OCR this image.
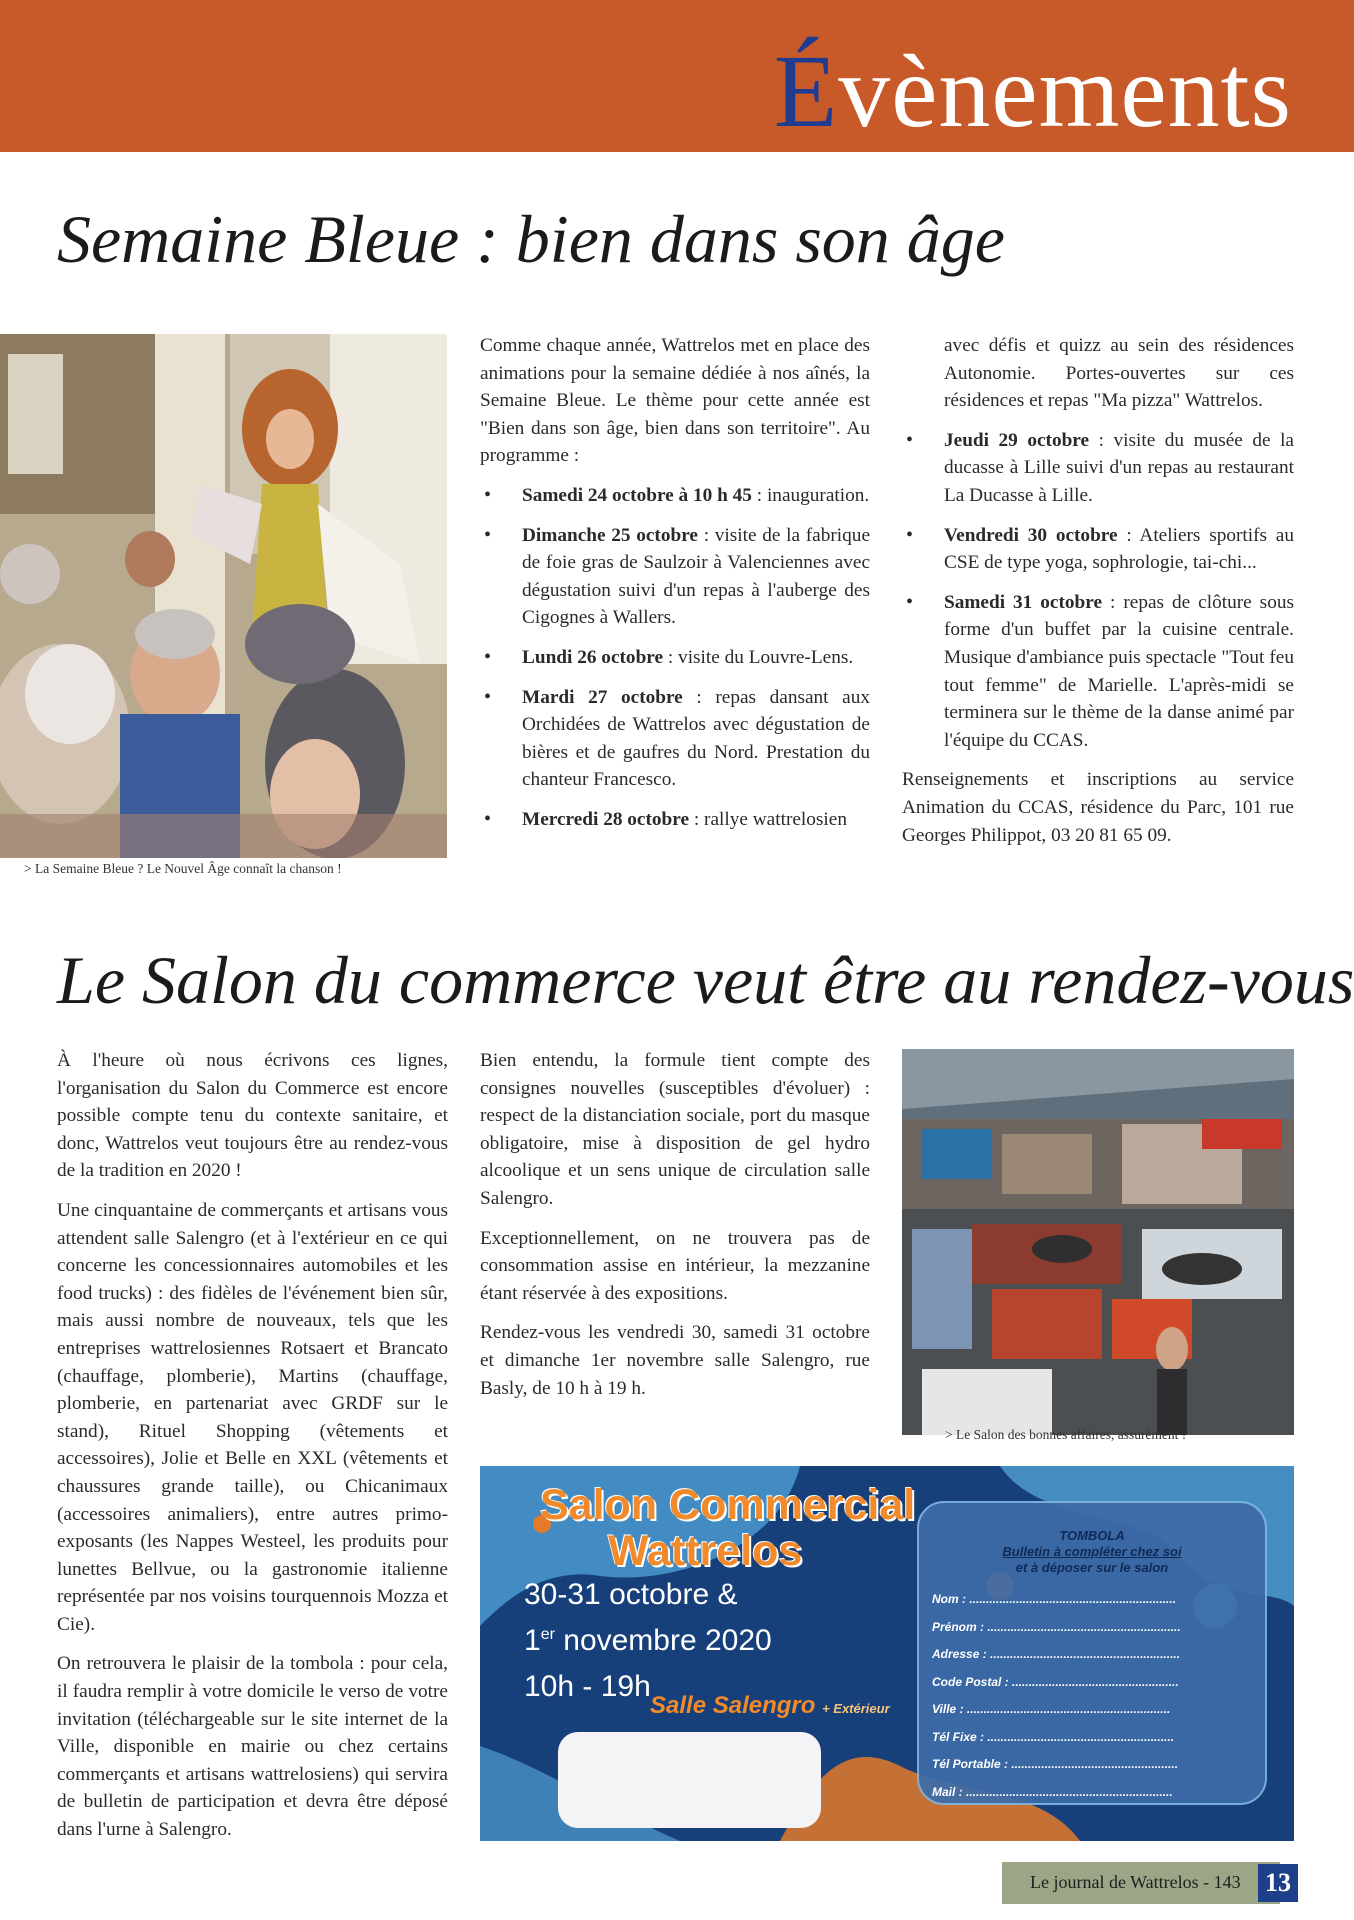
Évènements
Semaine Bleue : bien dans son âge
> La Semaine Bleue ? Le Nouvel Âge connaît la chanson !

Comme chaque année, Wattrelos met en place des animations pour la semaine dédiée à nos aînés, la Semaine Bleue. Le thème pour cette année est "Bien dans son âge, bien dans son territoire". Au programme :

• Samedi 24 octobre à 10 h 45 : inauguration.
• Dimanche 25 octobre : visite de la fabrique de foie gras de Saulzoir à Valenciennes avec dégustation suivi d'un repas à l'auberge des Cigognes à Wallers.
• Lundi 26 octobre : visite du Louvre-Lens.
• Mardi 27 octobre : repas dansant aux Orchidées de Wattrelos avec dégustation de bières et de gaufres du Nord. Prestation du chanteur Francesco.
• Mercredi 28 octobre : rallye wattrelosien

avec défis et quizz au sein des résidences Autonomie. Portes-ouvertes sur ces résidences et repas "Ma pizza" Wattrelos.

• Jeudi 29 octobre : visite du musée de la ducasse à Lille suivi d'un repas au restaurant La Ducasse à Lille.
• Vendredi 30 octobre : Ateliers sportifs au CSE de type yoga, sophrologie, tai-chi...
• Samedi 31 octobre : repas de clôture sous forme d'un buffet par la cuisine centrale. Musique d'ambiance puis spectacle "Tout feu tout femme" de Marielle. L'après-midi se terminera sur le thème de la danse animé par l'équipe du CCAS.

Renseignements et inscriptions au service Animation du CCAS, résidence du Parc, 101 rue Georges Philippot, 03 20 81 65 09.

Le Salon du commerce veut être au rendez-vous

À l'heure où nous écrivons ces lignes, l'organisation du Salon du Commerce est encore possible compte tenu du contexte sanitaire, et donc, Wattrelos veut toujours être au rendez-vous de la tradition en 2020 !

Une cinquantaine de commerçants et artisans vous attendent salle Salengro (et à l'extérieur en ce qui concerne les concessionnaires automobiles et les food trucks) : des fidèles de l'événement bien sûr, mais aussi nombre de nouveaux, tels que les entreprises wattrelosiennes Rotsaert et Brancato (chauffage, plomberie), Martins (chauffage, plomberie, en partenariat avec GRDF sur le stand), Rituel Shopping (vêtements et accessoires), Jolie et Belle en XXL (vêtements et chaussures grande taille), ou Chicanimaux (accessoires animaliers), entre autres primo-exposants (les Nappes Westeel, les produits pour lunettes Bellvue, ou la gastronomie italienne représentée par nos voisins tourquennois Mozza et Cie).

On retrouvera le plaisir de la tombola : pour cela, il faudra remplir à votre domicile le verso de votre invitation (téléchargeable sur le site internet de la Ville, disponible en mairie ou chez certains commerçants et artisans wattrelosiens) qui servira de bulletin de participation et devra être déposé dans l'urne à Salengro.

Bien entendu, la formule tient compte des consignes nouvelles (susceptibles d'évoluer) : respect de la distanciation sociale, port du masque obligatoire, mise à disposition de gel hydro alcoolique et un sens unique de circulation salle Salengro.

Exceptionnellement, on ne trouvera pas de consommation assise en intérieur, la mezzanine étant réservée à des expositions.

Rendez-vous les vendredi 30, samedi 31 octobre et dimanche 1er novembre salle Salengro, rue Basly, de 10 h à 19 h.

> Le Salon des bonnes affaires, assurément !
Salon Commercial
Wattrelos
30-31 octobre &
1er novembre 2020
10h - 19h
Salle Salengro + Extérieur
TOMBOLA
Bulletin à compléter chez soi
et à déposer sur le salon
Nom : ..............................................................
Prénom : ..........................................................
Adresse : .........................................................
Code Postal : ..................................................
Ville : .............................................................
Tél Fixe : ........................................................
Tél Portable : ..................................................
Mail : ..............................................................
Le journal de Wattrelos - 143 13
